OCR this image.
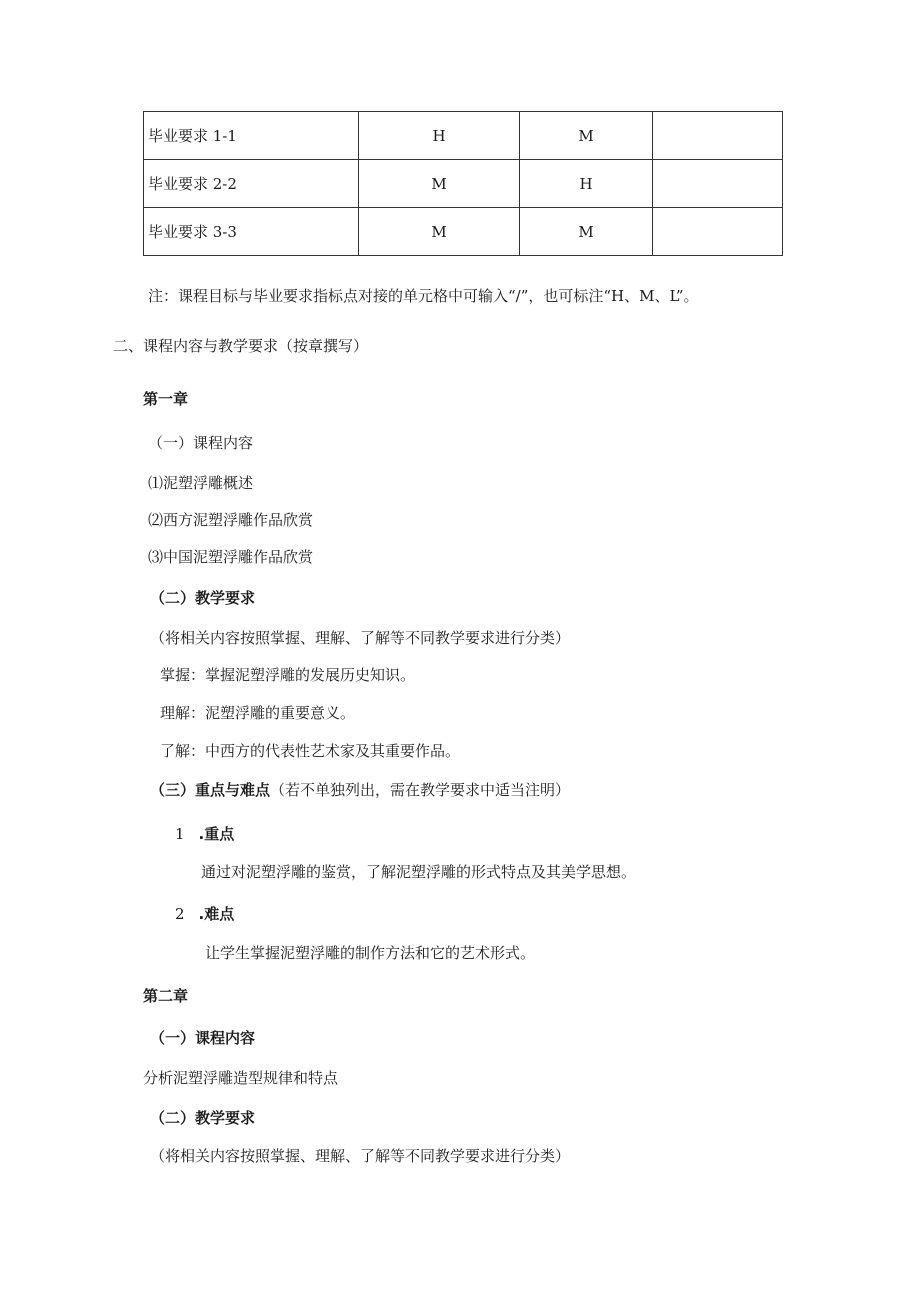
毕业要求 1-1	H	M	
毕业要求 2-2	M	H	
毕业要求 3-3	M	M	
注：课程目标与毕业要求指标点对接的单元格中可输入“/”，也可标注“H、M、L”。
二、课程内容与教学要求（按章撰写）
第一章
（一）课程内容
⑴泥塑浮雕概述
⑵西方泥塑浮雕作品欣赏
⑶中国泥塑浮雕作品欣赏
（二）教学要求
（将相关内容按照掌握、理解、了解等不同教学要求进行分类）
掌握：掌握泥塑浮雕的发展历史知识。
理解：泥塑浮雕的重要意义。
了解：中西方的代表性艺术家及其重要作品。
（三）重点与难点（若不单独列出，需在教学要求中适当注明）
1 .重点
通过对泥塑浮雕的鉴赏，了解泥塑浮雕的形式特点及其美学思想。
2 .难点
让学生掌握泥塑浮雕的制作方法和它的艺术形式。
第二章
（一）课程内容
分析泥塑浮雕造型规律和特点
（二）教学要求
（将相关内容按照掌握、理解、了解等不同教学要求进行分类）
